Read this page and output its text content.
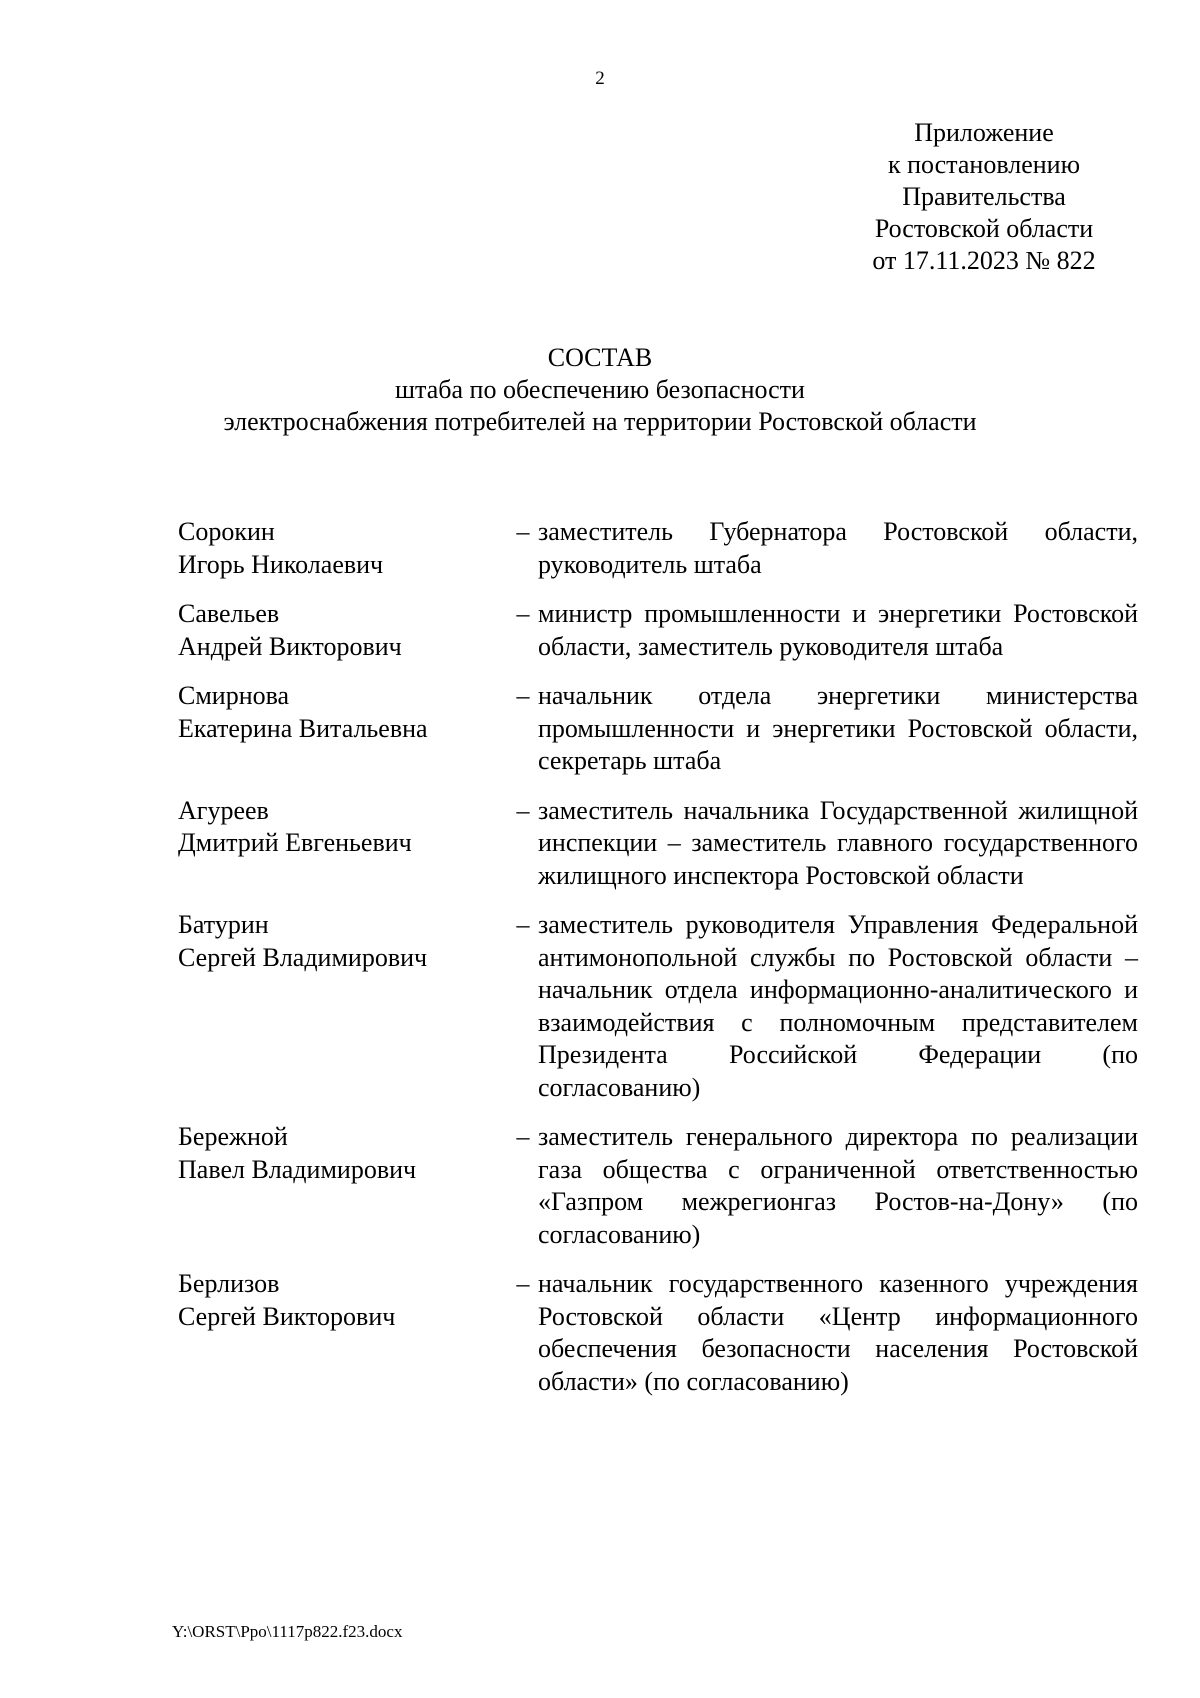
2
Приложение
к постановлению
Правительства
Ростовской области
от 17.11.2023 № 822
СОСТАВ
штаба по обеспечению безопасности
электроснабжения потребителей на территории Ростовской области
Сорокин
Игорь Николаевич
– заместитель Губернатора Ростовской области, руководитель штаба
Савельев
Андрей Викторович
– министр промышленности и энергетики Ростовской области, заместитель руководителя штаба
Смирнова
Екатерина Витальевна
– начальник отдела энергетики министерства промышленности и энергетики Ростовской области, секретарь штаба
Агуреев
Дмитрий Евгеньевич
– заместитель начальника Государственной жилищной инспекции – заместитель главного государственного жилищного инспектора Ростовской области
Батурин
Сергей Владимирович
– заместитель руководителя Управления Федеральной антимонопольной службы по Ростовской области – начальник отдела информационно-аналитического и взаимодействия с полномочным представителем Президента Российской Федерации (по согласованию)
Бережной
Павел Владимирович
– заместитель генерального директора по реализации газа общества с ограниченной ответственностью «Газпром межрегионгаз Ростов-на-Дону» (по согласованию)
Берлизов
Сергей Викторович
– начальник государственного казенного учреждения Ростовской области «Центр информационного обеспечения безопасности населения Ростовской области» (по согласованию)
Y:\ORST\Ppo\1117p822.f23.docx
